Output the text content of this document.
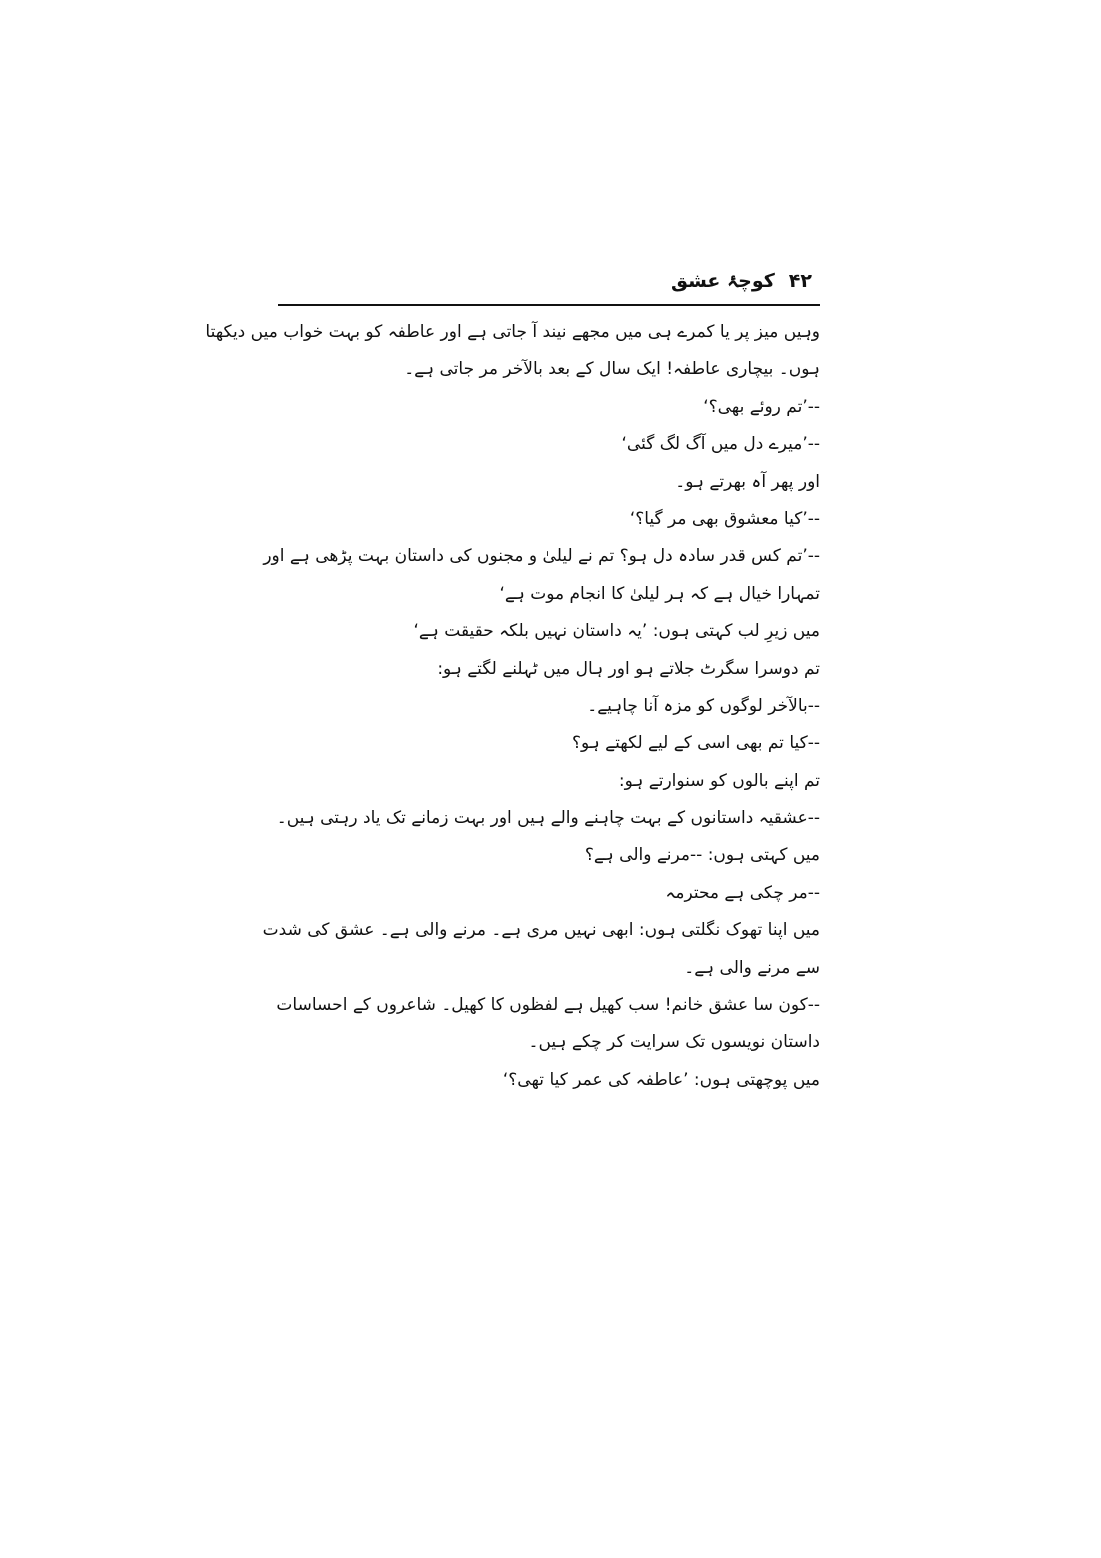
۴۲
کوچۂ عشق
وہیں میز پر یا کمرے ہی میں مجھے نیند آ جاتی ہے اور عاطفہ کو بہت خواب میں دیکھتا
ہوں۔ بیچاری عاطفہ! ایک سال کے بعد بالآخر مر جاتی ہے۔
--’تم روئے بھی؟‘
--’میرے دل میں آگ لگ گئی‘
اور پھر آہ بھرتے ہو۔
--’کیا معشوق بھی مر گیا؟‘
--’تم کس قدر سادہ دل ہو؟ تم نے لیلیٰ و مجنوں کی داستان بہت پڑھی ہے اور
تمہارا خیال ہے کہ ہر لیلیٰ کا انجام موت ہے‘
میں زیرِ لب کہتی ہوں: ’یہ داستان نہیں بلکہ حقیقت ہے‘
تم دوسرا سگرٹ جلاتے ہو اور ہال میں ٹہلنے لگتے ہو:
--بالآخر لوگوں کو مزہ آنا چاہیے۔
--کیا تم بھی اسی کے لیے لکھتے ہو؟
تم اپنے بالوں کو سنوارتے ہو:
--عشقیہ داستانوں کے بہت چاہنے والے ہیں اور بہت زمانے تک یاد رہتی ہیں۔
میں کہتی ہوں: --مرنے والی ہے؟
--مر چکی ہے محترمہ
میں اپنا تھوک نگلتی ہوں: ابھی نہیں مری ہے۔ مرنے والی ہے۔ عشق کی شدت
سے مرنے والی ہے۔
--کون سا عشق خانم! سب کھیل ہے لفظوں کا کھیل۔ شاعروں کے احساسات
داستان نویسوں تک سرایت کر چکے ہیں۔
میں پوچھتی ہوں: ’عاطفہ کی عمر کیا تھی؟‘
